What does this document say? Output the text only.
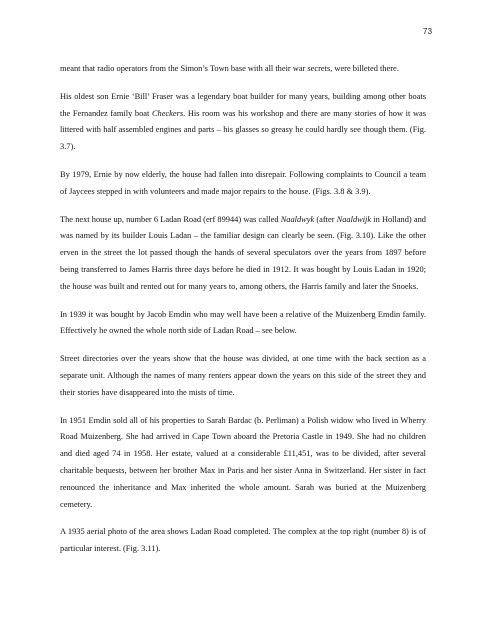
73

meant that radio operators from the Simon’s Town base with all their war secrets, were billeted there.

His oldest son Ernie ‘Bill’ Fraser was a legendary boat builder for many years, building among other boats the Fernandez family boat Checkers. His room was his workshop and there are many stories of how it was littered with half assembled engines and parts – his glasses so greasy he could hardly see though them. (Fig. 3.7).

By 1979, Ernie by now elderly, the house had fallen into disrepair. Following complaints to Council a team of Jaycees stepped in with volunteers and made major repairs to the house. (Figs. 3.8 & 3.9).

The next house up, number 6 Ladan Road (erf 89944) was called Naaldwyk (after Naaldwijk in Holland) and was named by its builder Louis Ladan – the familiar design can clearly be seen. (Fig. 3.10). Like the other erven in the street the lot passed though the hands of several speculators over the years from 1897 before being transferred to James Harris three days before he died in 1912. It was bought by Louis Ladan in 1920; the house was built and rented out for many years to, among others, the Harris family and later the Snoeks.

In 1939 it was bought by Jacob Emdin who may well have been a relative of the Muizenberg Emdin family. Effectively he owned the whole north side of Ladan Road – see below.

Street directories over the years show that the house was divided, at one time with the back section as a separate unit. Although the names of many renters appear down the years on this side of the street they and their stories have disappeared into the mists of time.

In 1951 Emdin sold all of his properties to Sarah Bardac (b. Perliman) a Polish widow who lived in Wherry Road Muizenberg. She had arrived in Cape Town aboard the Pretoria Castle in 1949. She had no children and died aged 74 in 1958. Her estate, valued at a considerable £11,451, was to be divided, after several charitable bequests, between her brother Max in Paris and her sister Anna in Switzerland. Her sister in fact renounced the inheritance and Max inherited the whole amount. Sarah was buried at the Muizenberg cemetery.

A 1935 aerial photo of the area shows Ladan Road completed. The complex at the top right (number 8) is of particular interest. (Fig. 3.11).
